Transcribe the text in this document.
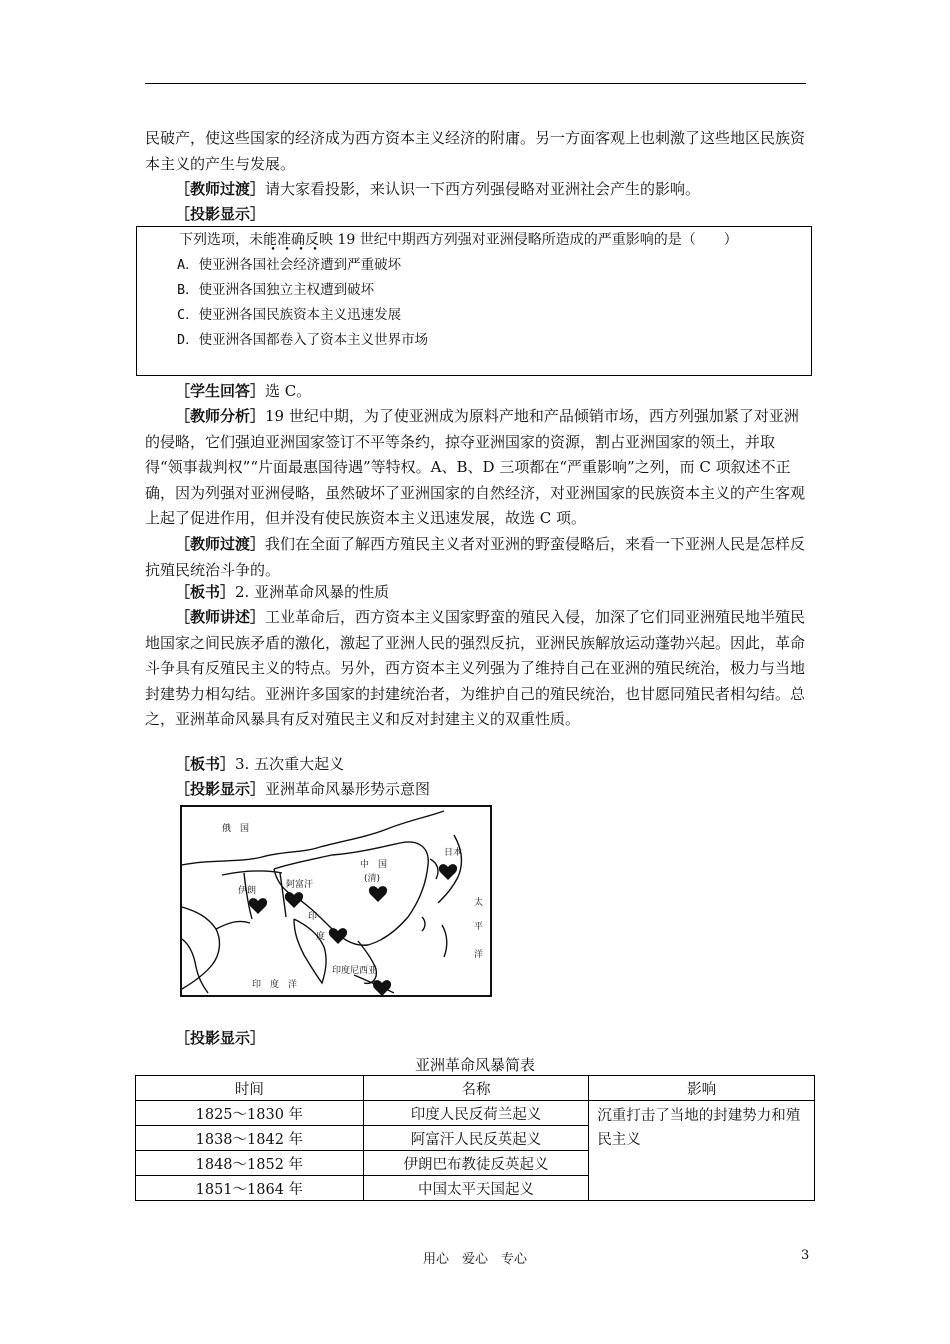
民破产，使这些国家的经济成为西方资本主义经济的附庸。另一方面客观上也刺激了这些地区民族资本主义的产生与发展。

［教师过渡］请大家看投影，来认识一下西方列强侵略对亚洲社会产生的影响。

［投影显示］

下列选项，未能准确反映 19 世纪中期西方列强对亚洲侵略所造成的严重影响的是（　　）

A．使亚洲各国社会经济遭到严重破坏

B．使亚洲各国独立主权遭到破坏

C．使亚洲各国民族资本主义迅速发展

D．使亚洲各国都卷入了资本主义世界市场

［学生回答］选 C。

［教师分析］19 世纪中期，为了使亚洲成为原料产地和产品倾销市场，西方列强加紧了对亚洲的侵略，它们强迫亚洲国家签订不平等条约，掠夺亚洲国家的资源，割占亚洲国家的领土，并取得“领事裁判权”“片面最惠国待遇”等特权。A、B、D 三项都在“严重影响”之列，而 C 项叙述不正确，因为列强对亚洲侵略，虽然破坏了亚洲国家的自然经济，对亚洲国家的民族资本主义的产生客观上起了促进作用，但并没有使民族资本主义迅速发展，故选 C 项。

［教师过渡］我们在全面了解西方殖民主义者对亚洲的野蛮侵略后，来看一下亚洲人民是怎样反抗殖民统治斗争的。

［板书］2. 亚洲革命风暴的性质

［教师讲述］工业革命后，西方资本主义国家野蛮的殖民入侵，加深了它们同亚洲殖民地半殖民地国家之间民族矛盾的激化，激起了亚洲人民的强烈反抗，亚洲民族解放运动蓬勃兴起。因此，革命斗争具有反殖民主义的特点。另外，西方资本主义列强为了维持自己在亚洲的殖民统治，极力与当地封建势力相勾结。亚洲许多国家的封建统治者，为维护自己的殖民统治，也甘愿同殖民者相勾结。总之，亚洲革命风暴具有反对殖民主义和反对封建主义的双重性质。

［板书］3. 五次重大起义

［投影显示］亚洲革命风暴形势示意图

俄　国
中　国
(清)
日本
伊朗
阿富汗
印
度
太
平
洋
印　度　洋
印度尼西亚

［投影显示］

亚洲革命风暴简表
时间	名称	影响
1825～1830 年	印度人民反荷兰起义	沉重打击了当地的封建势力和殖民主义
1838～1842 年	阿富汗人民反英起义	
1848～1852 年	伊朗巴布教徒反英起义	
1851～1864 年	中国太平天国起义	
用心　爱心　专心	3
